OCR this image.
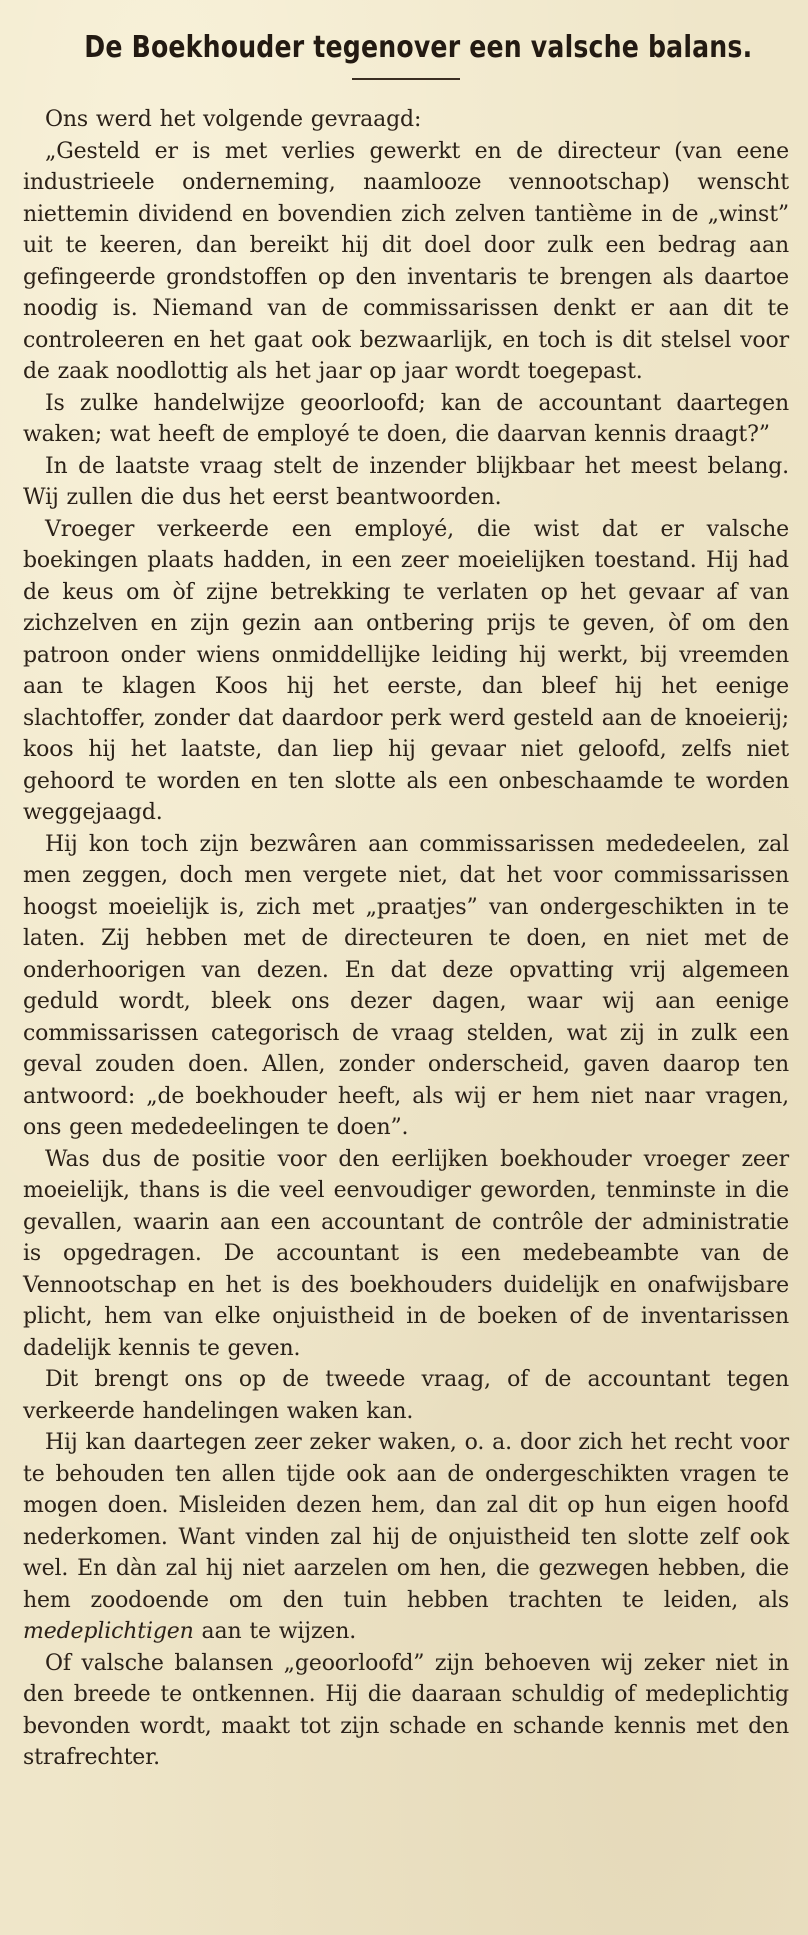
De Boekhouder tegenover een valsche balans.

Ons werd het volgende gevraagd:

„Gesteld er is met verlies gewerkt en de directeur (van eene industrieele onderneming, naamlooze vennootschap) wenscht niettemin dividend en bovendien zich zelven tantième in de „winst” uit te keeren, dan bereikt hij dit doel door zulk een bedrag aan gefingeerde grondstoffen op den inventaris te brengen als daartoe noodig is. Niemand van de commissarissen denkt er aan dit te controleeren en het gaat ook bezwaarlijk, en toch is dit stelsel voor de zaak noodlottig als het jaar op jaar wordt toegepast.

Is zulke handelwijze geoorloofd; kan de accountant daartegen waken; wat heeft de employé te doen, die daarvan kennis draagt?”

In de laatste vraag stelt de inzender blijkbaar het meest belang. Wij zullen die dus het eerst beantwoorden.

Vroeger verkeerde een employé, die wist dat er valsche boekingen plaats hadden, in een zeer moeielijken toestand. Hij had de keus om òf zijne betrekking te verlaten op het gevaar af van zichzelven en zijn gezin aan ontbering prijs te geven, òf om den patroon onder wiens onmiddellijke leiding hij werkt, bij vreemden aan te klagen Koos hij het eerste, dan bleef hij het eenige slachtoffer, zonder dat daardoor perk werd gesteld aan de knoeierij; koos hij het laatste, dan liep hij gevaar niet geloofd, zelfs niet gehoord te worden en ten slotte als een onbeschaamde te worden weggejaagd.

Hij kon toch zijn bezwâren aan commissarissen mededeelen, zal men zeggen, doch men vergete niet, dat het voor commissarissen hoogst moeielijk is, zich met „praatjes” van ondergeschikten in te laten. Zij hebben met de directeuren te doen, en niet met de onderhoorigen van dezen. En dat deze opvatting vrij algemeen geduld wordt, bleek ons dezer dagen, waar wij aan eenige commissarissen categorisch de vraag stelden, wat zij in zulk een geval zouden doen. Allen, zonder onderscheid, gaven daarop ten antwoord: „de boekhouder heeft, als wij er hem niet naar vragen, ons geen mededeelingen te doen”.

Was dus de positie voor den eerlijken boekhouder vroeger zeer moeielijk, thans is die veel eenvoudiger geworden, tenminste in die gevallen, waarin aan een accountant de contrôle der administratie is opgedragen. De accountant is een medebeambte van de Vennootschap en het is des boekhouders duidelijk en onafwijsbare plicht, hem van elke onjuistheid in de boeken of de inventarissen dadelijk kennis te geven.

Dit brengt ons op de tweede vraag, of de accountant tegen verkeerde handelingen waken kan.

Hij kan daartegen zeer zeker waken, o. a. door zich het recht voor te behouden ten allen tijde ook aan de ondergeschikten vragen te mogen doen. Misleiden dezen hem, dan zal dit op hun eigen hoofd nederkomen. Want vinden zal hij de onjuistheid ten slotte zelf ook wel. En dàn zal hij niet aarzelen om hen, die gezwegen hebben, die hem zoodoende om den tuin hebben trachten te leiden, als medeplichtigen aan te wijzen.

Of valsche balansen „geoorloofd” zijn behoeven wij zeker niet in den breede te ontkennen. Hij die daaraan schuldig of medeplichtig bevonden wordt, maakt tot zijn schade en schande kennis met den strafrechter.
